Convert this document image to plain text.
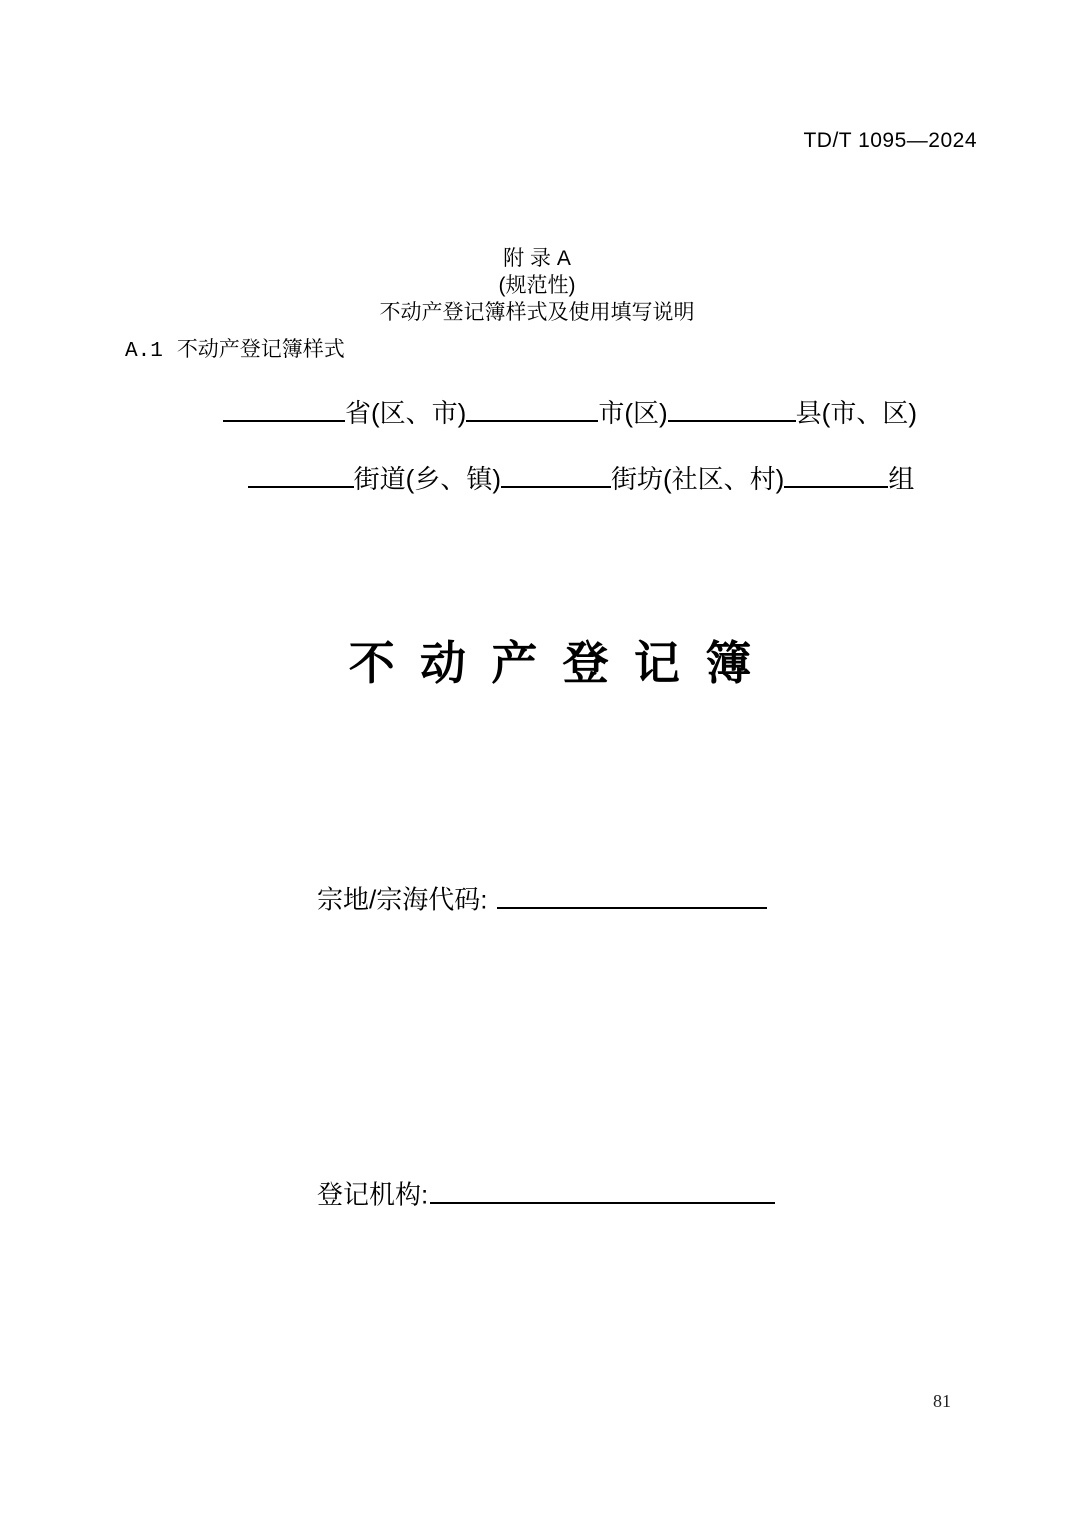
TD/T 1095—2024
附 录 A
(规范性)
不动产登记簿样式及使用填写说明
A.1 不动产登记簿样式
省(区、市)	市(区)	县(市、区)
街道(乡、镇)	街坊(社区、村)	组
不动产登记簿
宗地/宗海代码:
登记机构:
81
